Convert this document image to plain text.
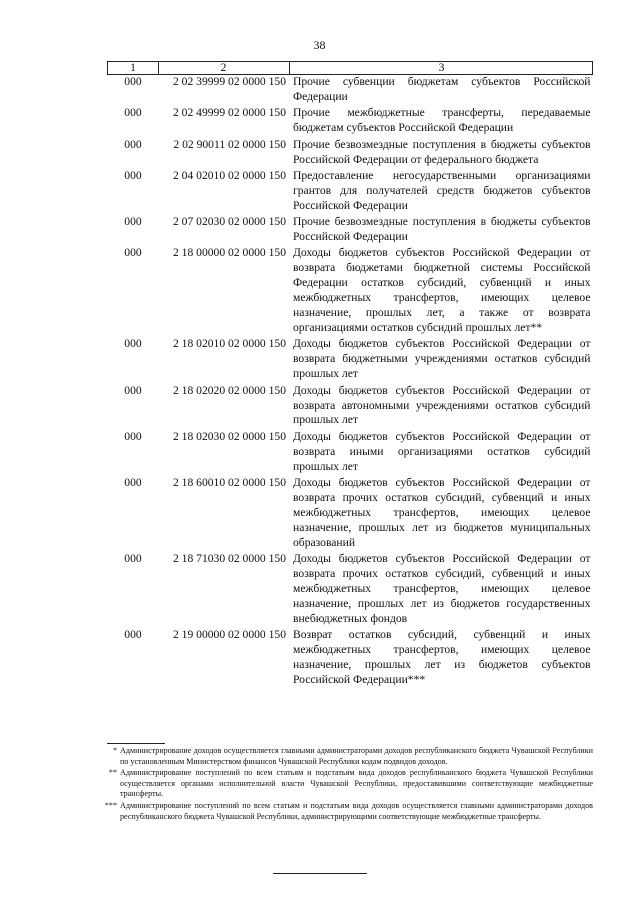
38
1	2	3
000	2 02 39999 02 0000 150	Прочие субвенции бюджетам субъектов Российской Федерации
000	2 02 49999 02 0000 150	Прочие межбюджетные трансферты, передаваемые бюджетам субъектов Российской Федерации
000	2 02 90011 02 0000 150	Прочие безвозмездные поступления в бюджеты субъектов Российской Федерации от федерального бюджета
000	2 04 02010 02 0000 150	Предоставление негосударственными организациями грантов для получателей средств бюджетов субъектов Российской Федерации
000	2 07 02030 02 0000 150	Прочие безвозмездные поступления в бюджеты субъектов Российской Федерации
000	2 18 00000 02 0000 150	Доходы бюджетов субъектов Российской Федерации от возврата бюджетами бюджетной системы Российской Федерации остатков субсидий, субвенций и иных межбюджетных трансфертов, имеющих целевое назначение, прошлых лет, а также от возврата организациями остатков субсидий прошлых лет**
000	2 18 02010 02 0000 150	Доходы бюджетов субъектов Российской Федерации от возврата бюджетными учреждениями остатков субсидий прошлых лет
000	2 18 02020 02 0000 150	Доходы бюджетов субъектов Российской Федерации от возврата автономными учреждениями остатков субсидий прошлых лет
000	2 18 02030 02 0000 150	Доходы бюджетов субъектов Российской Федерации от возврата иными организациями остатков субсидий прошлых лет
000	2 18 60010 02 0000 150	Доходы бюджетов субъектов Российской Федерации от возврата прочих остатков субсидий, субвенций и иных межбюджетных трансфертов, имеющих целевое назначение, прошлых лет из бюджетов муниципальных образований
000	2 18 71030 02 0000 150	Доходы бюджетов субъектов Российской Федерации от возврата прочих остатков субсидий, субвенций и иных межбюджетных трансфертов, имеющих целевое назначение, прошлых лет из бюджетов государственных внебюджетных фондов
000	2 19 00000 02 0000 150	Возврат остатков субсидий, субвенций и иных межбюджетных трансфертов, имеющих целевое назначение, прошлых лет из бюджетов субъектов Российской Федерации***
* Администрирование доходов осуществляется главными администраторами доходов республиканского бюджета Чувашской Республики по установленным Министерством финансов Чувашской Республики кодам подвидов доходов.
** Администрирование поступлений по всем статьям и подстатьям вида доходов республиканского бюджета Чувашской Республики осуществляется органами исполнительной власти Чувашской Республики, предоставившими соответствующие межбюджетные трансферты.
*** Администрирование поступлений по всем статьям и подстатьям вида доходов осуществляется главными администраторами доходов республиканского бюджета Чувашской Республики, администрирующими соответствующие межбюджетные трансферты.
